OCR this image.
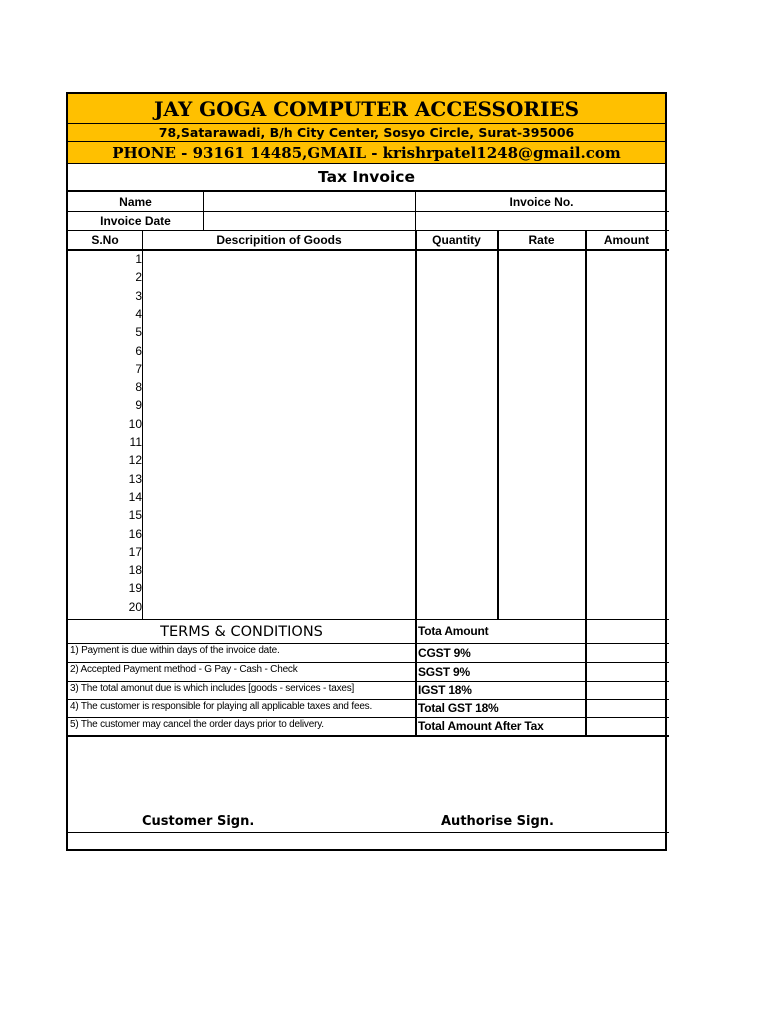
JAY GOGA COMPUTER ACCESSORIES
78,Satarawadi, B/h City Center, Sosyo Circle, Surat-395006
PHONE - 93161 14485,GMAIL - krishrpatel1248@gmail.com
Tax Invoice
Name	Invoice No.
Invoice Date
S.No	Descripition of Goods	Quantity	Rate	Amount
1
2
3
4
5
6
7
8
9
10
11
12
13
14
15
16
17
18
19
20
TERMS & CONDITIONS
1) Payment is due within days of the invoice date.
2) Accepted Payment method - G Pay - Cash - Check
3) The total amonut due is which includes [goods - services - taxes]
4) The customer is responsible for playing all applicable taxes and fees.
5) The customer may cancel the order days prior to delivery.
Tota Amount
CGST 9%
SGST 9%
IGST 18%
Total GST 18%
Total Amount After Tax
Customer Sign.	Authorise Sign.
